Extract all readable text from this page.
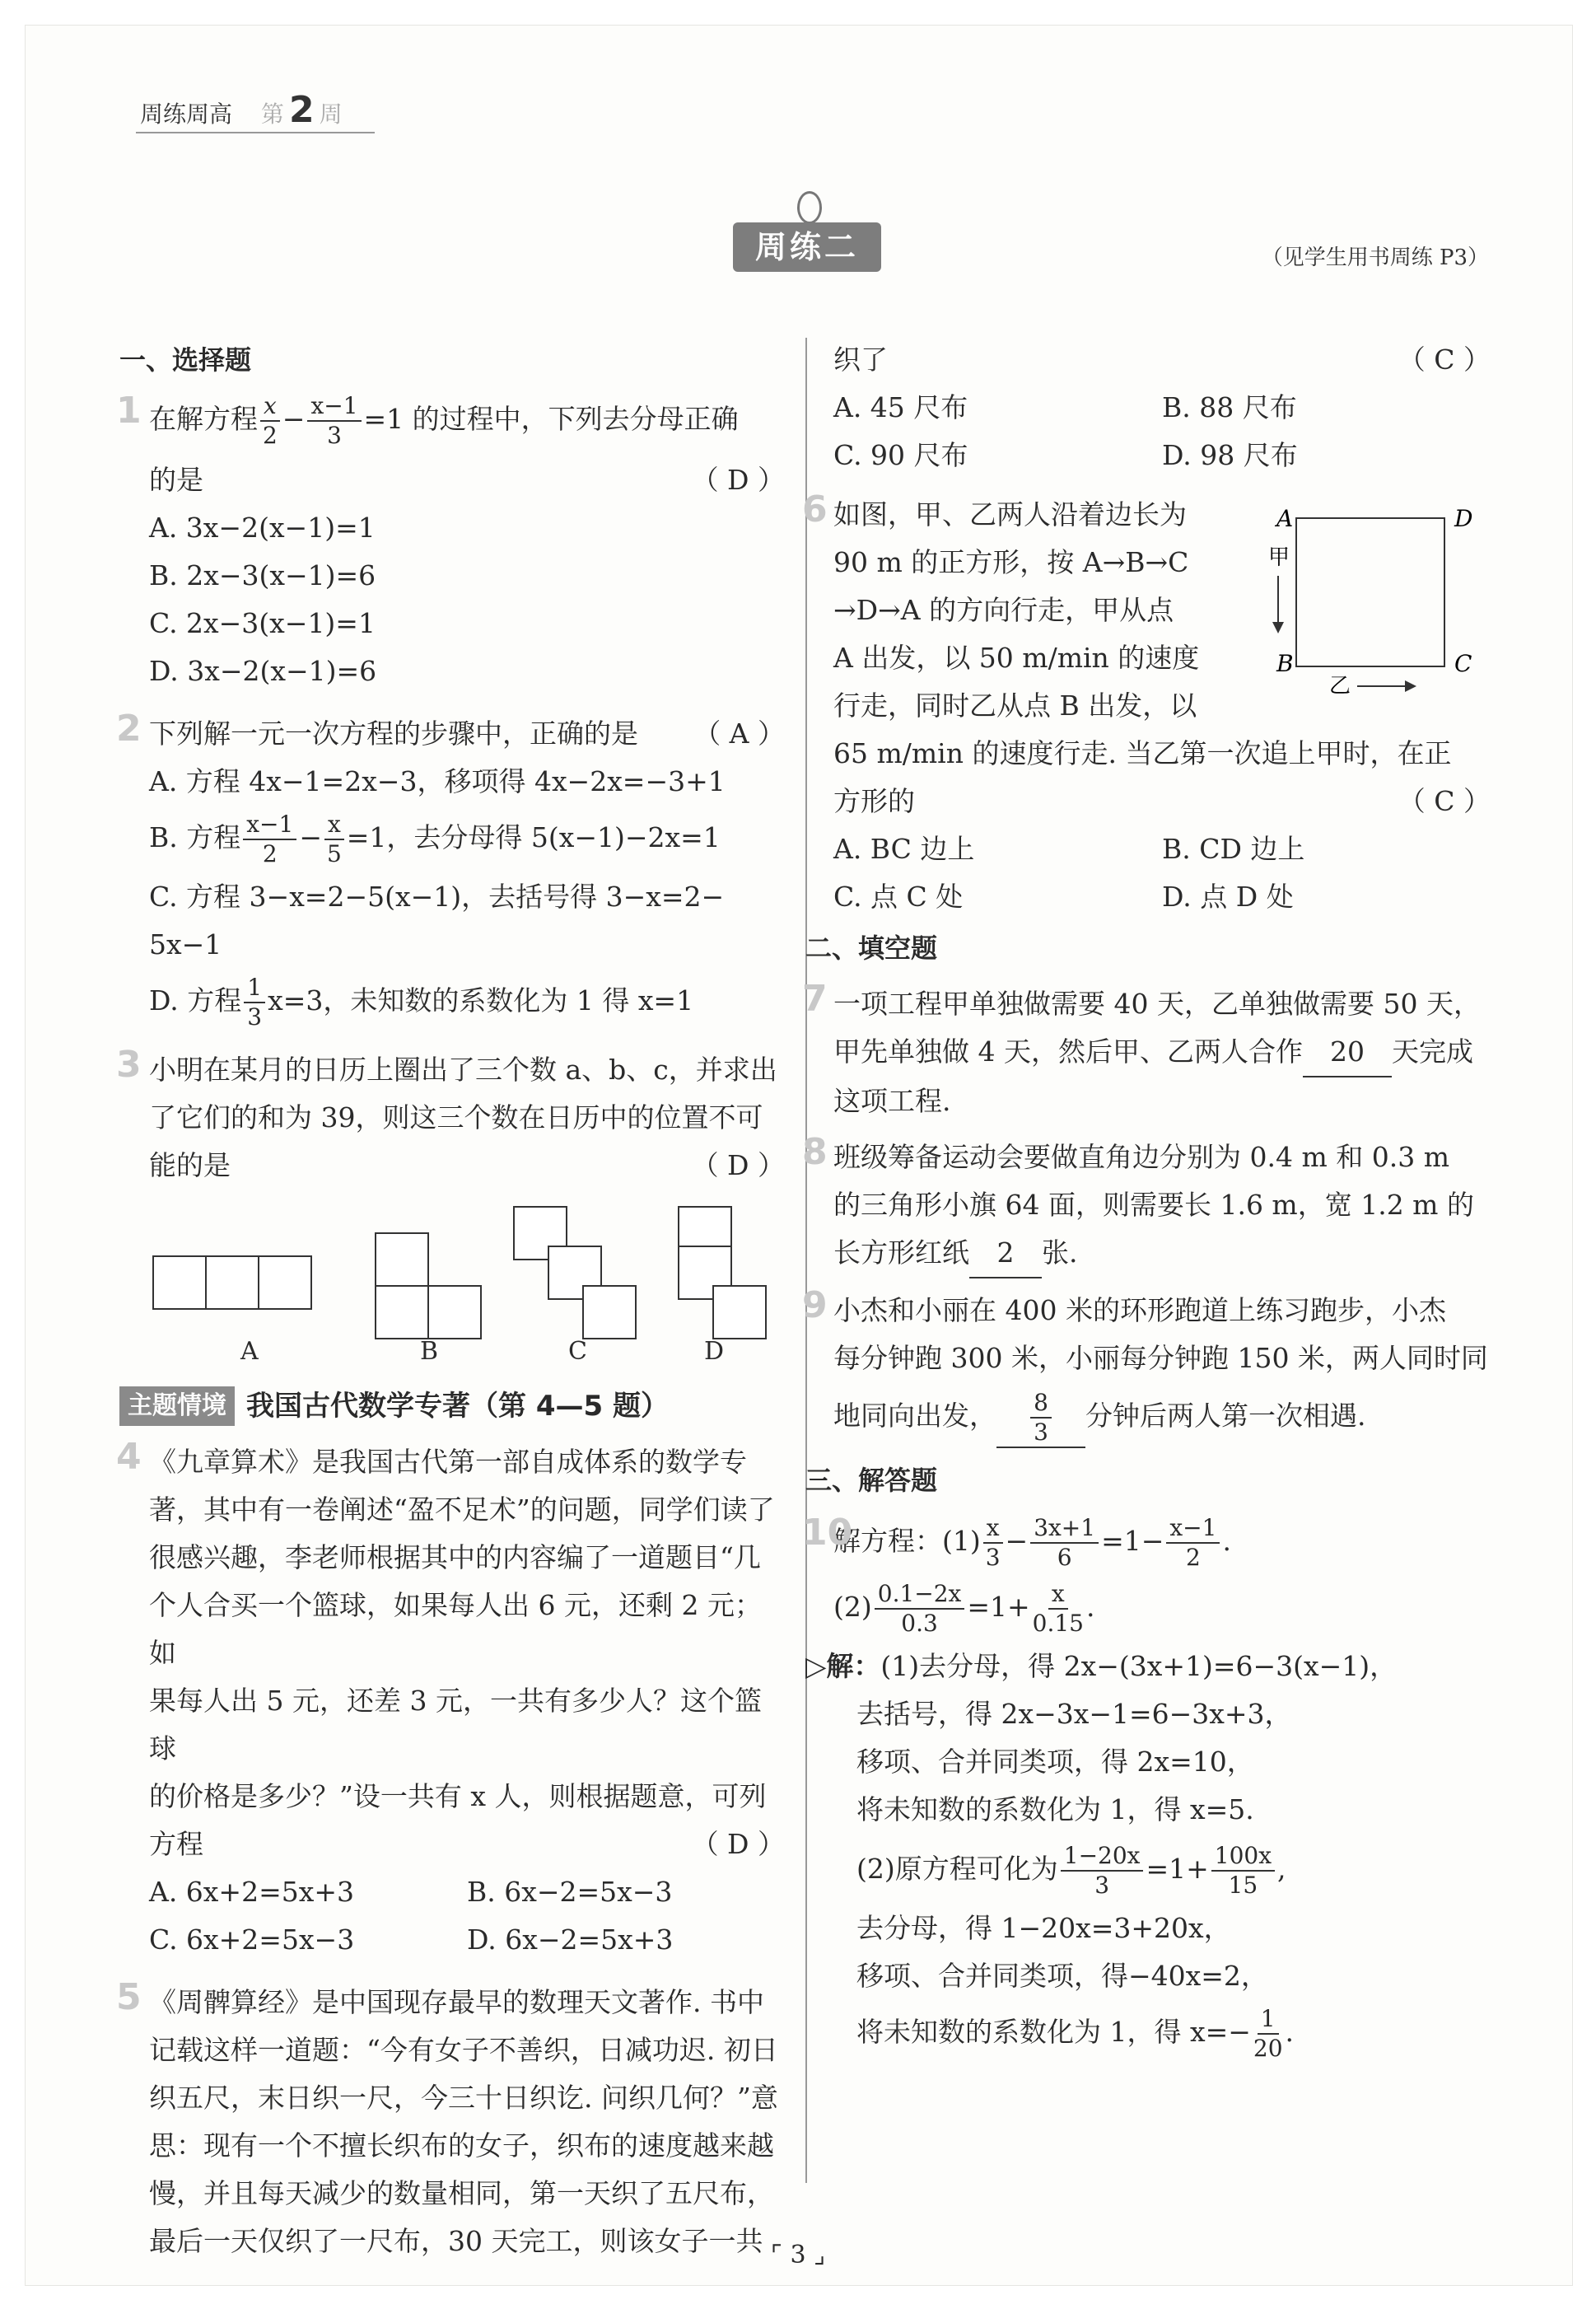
周练周高 第 2 周
周练二	（见学生用书周练 P3）
一、选择题
1 在解方程 $\frac{x}{2} - \frac{x-1}{3} =1$ 的过程中，下列去分母正确
的是	（ D ）
A. 3x−2(x−1)=1
B. 2x−3(x−1)=6
C. 2x−3(x−1)=1
D. 3x−2(x−1)=6
2 下列解一元一次方程的步骤中，正确的是 （ A ）
A. 方程 4x−1=2x−3，移项得 4x−2x=−3+1
B. 方程 $\frac{x-1}{2} - \frac{x}{5} =1$，去分母得 5(x−1)−2x=1
C. 方程 3−x=2−5(x−1)，去括号得 3−x=2−
5x−1
D. 方程 $\frac{1}{3} x=3$，未知数的系数化为 1 得 x=1
3 小明在某月的日历上圈出了三个数 a、b、c，并求出
了它们的和为 39，则这三个数在日历中的位置不可
能的是	（ D ）
A	B	C	D
主题情境 我国古代数学专著（第 4—5 题）
4 《九章算术》是我国古代第一部自成体系的数学专
著，其中有一卷阐述“盈不足术”的问题，同学们读了
很感兴趣，李老师根据其中的内容编了一道题目“几
个人合买一个篮球，如果每人出 6 元，还剩 2 元；如
果每人出 5 元，还差 3 元，一共有多少人？这个篮球
的价格是多少？”设一共有 x 人，则根据题意，可列
方程	（ D ）
A. 6x+2=5x+3	B. 6x−2=5x−3
C. 6x+2=5x−3	D. 6x−2=5x+3
5 《周髀算经》是中国现存最早的数理天文著作. 书中
记载这样一道题：“今有女子不善织，日减功迟. 初日
织五尺，末日织一尺，今三十日织讫. 问织几何？”意
思：现有一个不擅长织布的女子，织布的速度越来越
慢，并且每天减少的数量相同，第一天织了五尺布，
最后一天仅织了一尺布，30 天完工，则该女子一共
织了	（ C ）
A. 45 尺布	B. 88 尺布
C. 90 尺布	D. 98 尺布
6 如图，甲、乙两人沿着边长为
90 m 的正方形，按 A→B→C
→D→A 的方向行走，甲从点
A 出发，以 50 m/min 的速度
行走，同时乙从点 B 出发，以
65 m/min 的速度行走. 当乙第一次追上甲时，在正
方形的	（ C ）
A. BC 边上	B. CD 边上
C. 点 C 处	D. 点 D 处
二、填空题
7 一项工程甲单独做需要 40 天，乙单独做需要 50 天，
甲先单独做 4 天，然后甲、乙两人合作 20 天完成
这项工程.
8 班级筹备运动会要做直角边分别为 0.4 m 和 0.3 m
的三角形小旗 64 面，则需要长 1.6 m，宽 1.2 m 的
长方形红纸 2 张.
9 小杰和小丽在 400 米的环形跑道上练习跑步，小杰
每分钟跑 300 米，小丽每分钟跑 150 米，两人同时同
地同向出发， $\frac{8}{3}$ 分钟后两人第一次相遇.
三、解答题
10
解方程：$(1) \frac{x}{3} - \frac{3x+1}{6} =1- \frac{x-1}{2}$ .
$(2) \frac{0.1-2x}{0.3} =1+ \frac{x}{0.15}$ .
▷解：(1)去分母，得 2x−(3x+1)=6−3(x−1)，
去括号，得 2x−3x−1=6−3x+3，
移项、合并同类项，得 2x=10，
将未知数的系数化为 1，得 x=5.
(2)原方程可化为 $\frac{1-20x}{3} =1+ \frac{100x}{15}$ ,
去分母，得 1−20x=3+20x，
移项、合并同类项，得−40x=2，
将未知数的系数化为 1，得 $x=- \frac{1}{20}$ .
A	D
B	C
甲
乙
⌜ 3 ⌟
